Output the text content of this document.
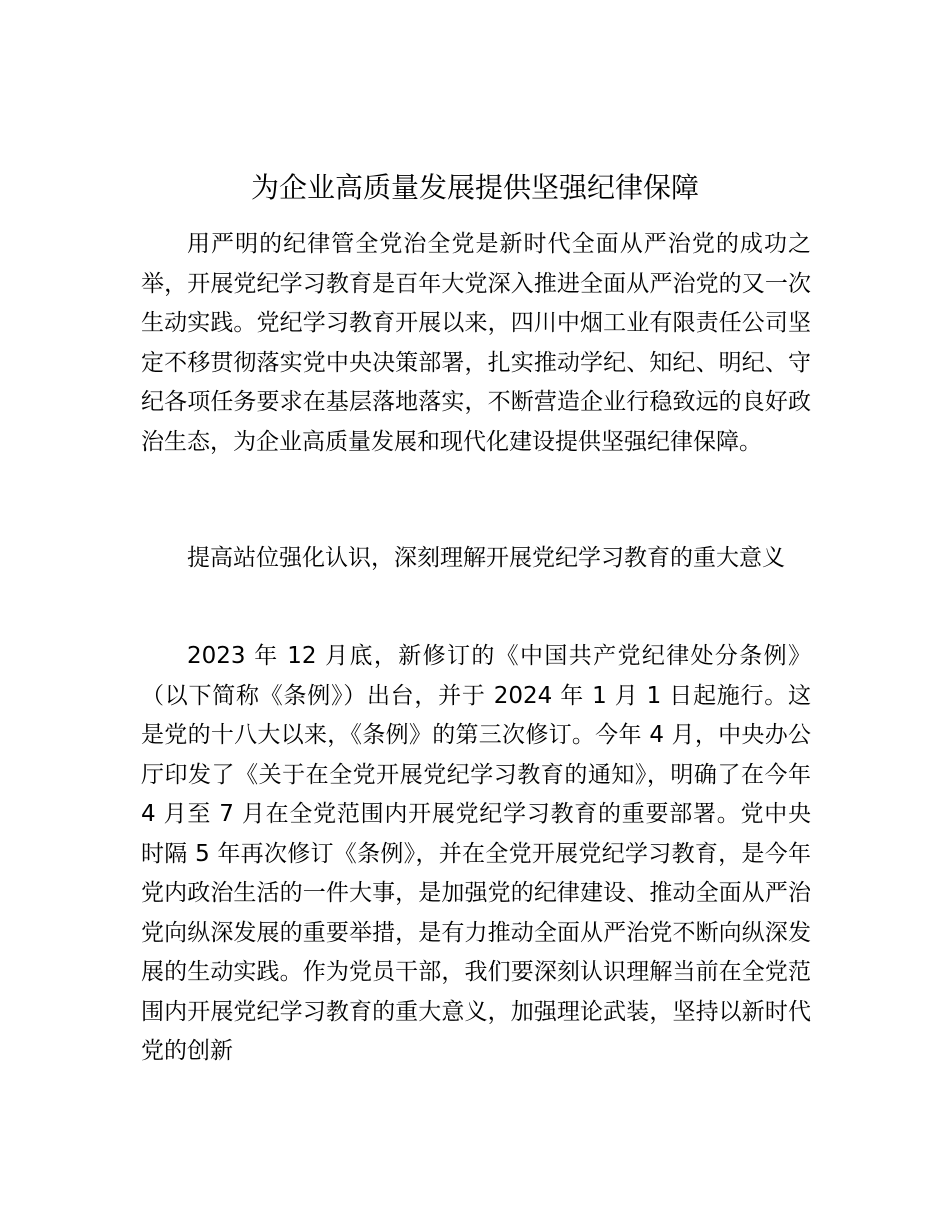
为企业高质量发展提供坚强纪律保障

用严明的纪律管全党治全党是新时代全面从严治党的成功之举，开展党纪学习教育是百年大党深入推进全面从严治党的又一次生动实践。党纪学习教育开展以来，四川中烟工业有限责任公司坚定不移贯彻落实党中央决策部署，扎实推动学纪、知纪、明纪、守纪各项任务要求在基层落地落实，不断营造企业行稳致远的良好政治生态，为企业高质量发展和现代化建设提供坚强纪律保障。

提高站位强化认识，深刻理解开展党纪学习教育的重大意义

2023 年 12 月底，新修订的《中国共产党纪律处分条例》（以下简称《条例》）出台，并于 2024 年 1 月 1 日起施行。这是党的十八大以来，《条例》的第三次修订。今年 4 月，中央办公厅印发了《关于在全党开展党纪学习教育的通知》，明确了在今年 4 月至 7 月在全党范围内开展党纪学习教育的重要部署。党中央时隔 5 年再次修订《条例》，并在全党开展党纪学习教育，是今年党内政治生活的一件大事，是加强党的纪律建设、推动全面从严治党向纵深发展的重要举措，是有力推动全面从严治党不断向纵深发展的生动实践。作为党员干部，我们要深刻认识理解当前在全党范围内开展党纪学习教育的重大意义，加强理论武装，坚持以新时代党的创新
